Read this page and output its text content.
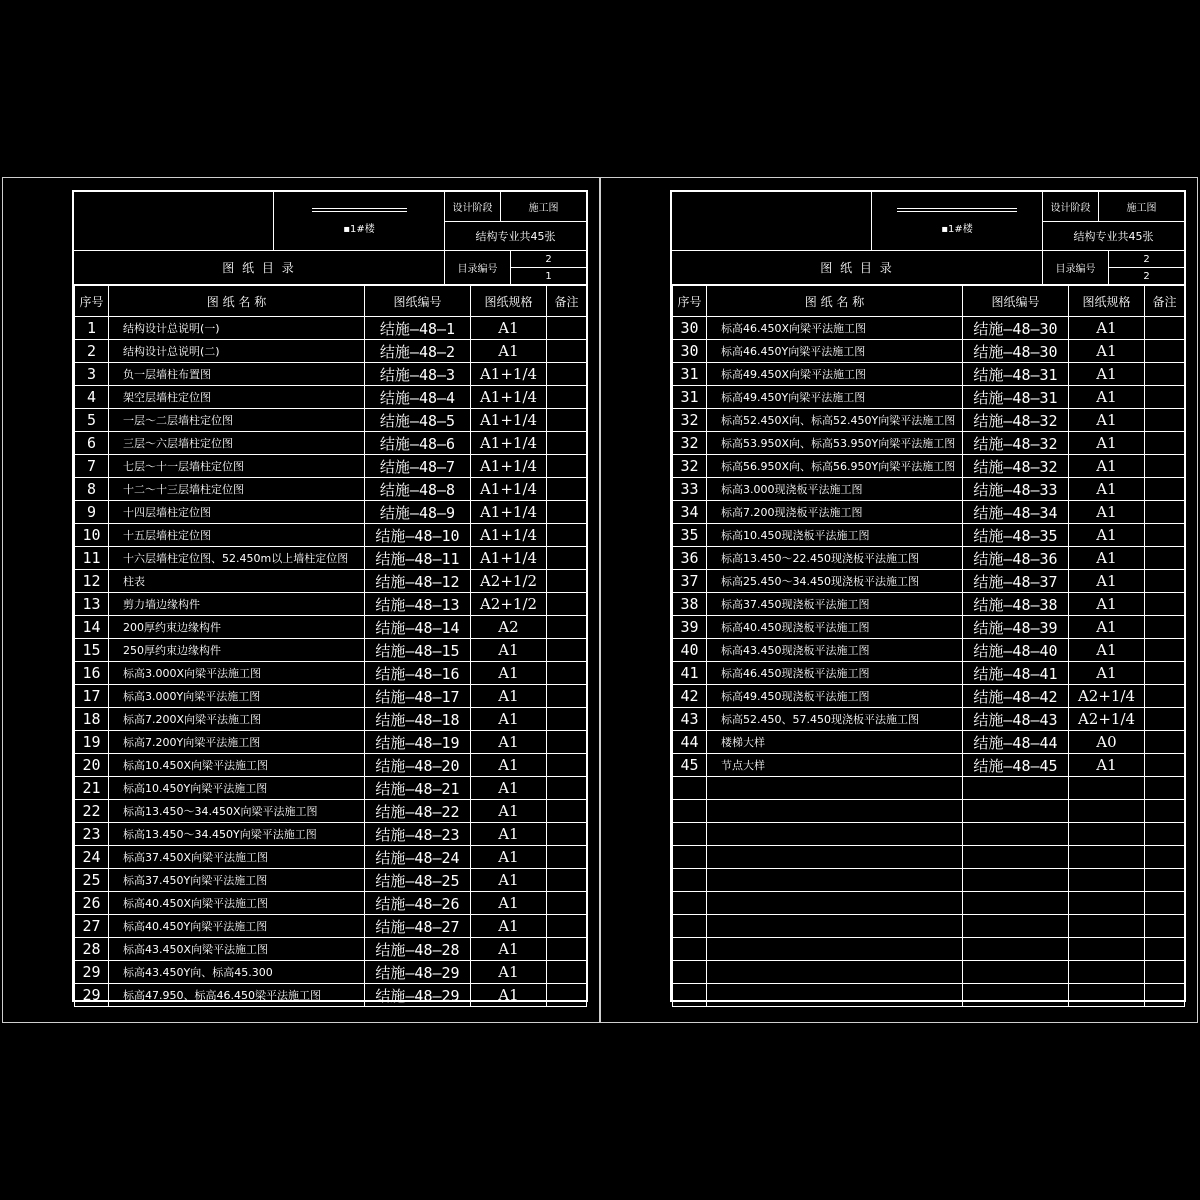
▪1#楼
设计阶段	施工图
结构专业共45张
图 纸 目 录	目录编号
2
1
序号	图 纸 名 称	图纸编号	图纸规格	备注
1	结构设计总说明(一)	结施—48—1	A1	
2	结构设计总说明(二)	结施—48—2	A1	
3	负一层墙柱布置图	结施—48—3	A1+1/4	
4	架空层墙柱定位图	结施—48—4	A1+1/4	
5	一层～二层墙柱定位图	结施—48—5	A1+1/4	
6	三层～六层墙柱定位图	结施—48—6	A1+1/4	
7	七层～十一层墙柱定位图	结施—48—7	A1+1/4	
8	十二～十三层墙柱定位图	结施—48—8	A1+1/4	
9	十四层墙柱定位图	结施—48—9	A1+1/4	
10	十五层墙柱定位图	结施—48—10	A1+1/4	
11	十六层墙柱定位图、52.450m以上墙柱定位图	结施—48—11	A1+1/4	
12	柱表	结施—48—12	A2+1/2	
13	剪力墙边缘构件	结施—48—13	A2+1/2	
14	200厚约束边缘构件	结施—48—14	A2	
15	250厚约束边缘构件	结施—48—15	A1	
16	标高3.000X向梁平法施工图	结施—48—16	A1	
17	标高3.000Y向梁平法施工图	结施—48—17	A1	
18	标高7.200X向梁平法施工图	结施—48—18	A1	
19	标高7.200Y向梁平法施工图	结施—48—19	A1	
20	标高10.450X向梁平法施工图	结施—48—20	A1	
21	标高10.450Y向梁平法施工图	结施—48—21	A1	
22	标高13.450～34.450X向梁平法施工图	结施—48—22	A1	
23	标高13.450～34.450Y向梁平法施工图	结施—48—23	A1	
24	标高37.450X向梁平法施工图	结施—48—24	A1	
25	标高37.450Y向梁平法施工图	结施—48—25	A1	
26	标高40.450X向梁平法施工图	结施—48—26	A1	
27	标高40.450Y向梁平法施工图	结施—48—27	A1	
28	标高43.450X向梁平法施工图	结施—48—28	A1	
29	标高43.450Y向、标高45.300	结施—48—29	A1	
29	标高47.950、标高46.450梁平法施工图	结施—48—29	A1	
▪1#楼
设计阶段	施工图
结构专业共45张
图 纸 目 录	目录编号
2
2
序号	图 纸 名 称	图纸编号	图纸规格	备注
30	标高46.450X向梁平法施工图	结施—48—30	A1	
30	标高46.450Y向梁平法施工图	结施—48—30	A1	
31	标高49.450X向梁平法施工图	结施—48—31	A1	
31	标高49.450Y向梁平法施工图	结施—48—31	A1	
32	标高52.450X向、标高52.450Y向梁平法施工图	结施—48—32	A1	
32	标高53.950X向、标高53.950Y向梁平法施工图	结施—48—32	A1	
32	标高56.950X向、标高56.950Y向梁平法施工图	结施—48—32	A1	
33	标高3.000现浇板平法施工图	结施—48—33	A1	
34	标高7.200现浇板平法施工图	结施—48—34	A1	
35	标高10.450现浇板平法施工图	结施—48—35	A1	
36	标高13.450～22.450现浇板平法施工图	结施—48—36	A1	
37	标高25.450～34.450现浇板平法施工图	结施—48—37	A1	
38	标高37.450现浇板平法施工图	结施—48—38	A1	
39	标高40.450现浇板平法施工图	结施—48—39	A1	
40	标高43.450现浇板平法施工图	结施—48—40	A1	
41	标高46.450现浇板平法施工图	结施—48—41	A1	
42	标高49.450现浇板平法施工图	结施—48—42	A2+1/4	
43	标高52.450、57.450现浇板平法施工图	结施—48—43	A2+1/4	
44	楼梯大样	结施—48—44	A0	
45	节点大样	结施—48—45	A1	
